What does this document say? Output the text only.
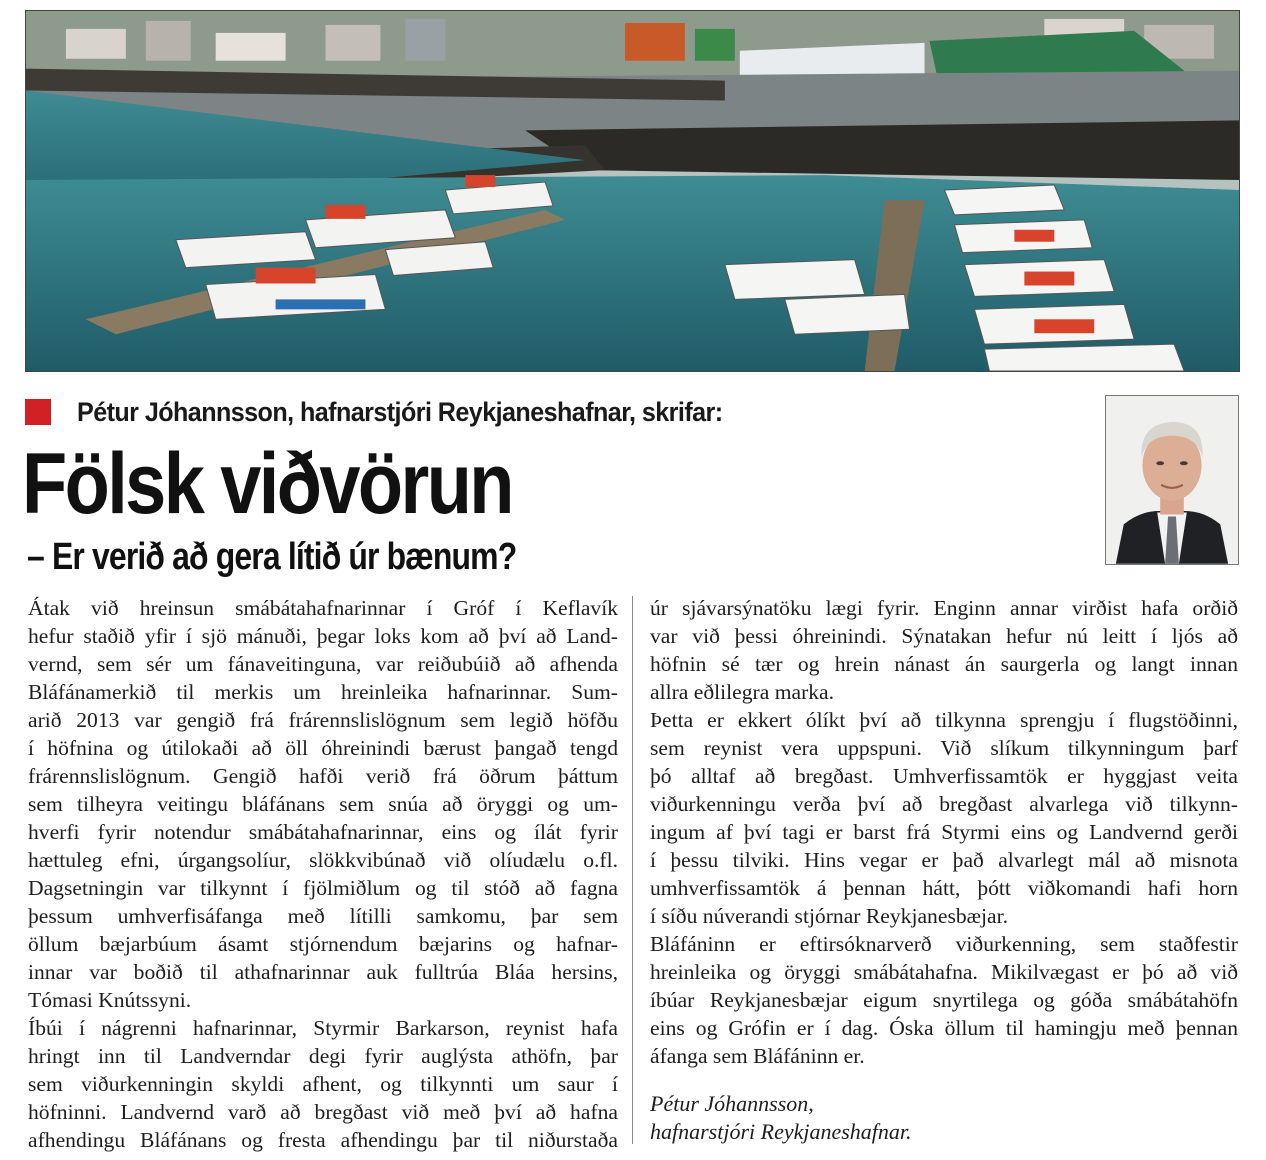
Pétur Jóhannsson, hafnarstjóri Reykjaneshafnar, skrifar:
Fölsk viðvörun
– Er verið að gera lítið úr bænum?

Átak við hreinsun smábátahafnarinnar í Gróf í Keflavík

hefur staðið yfir í sjö mánuði, þegar loks kom að því að Land-

vernd, sem sér um fánaveitinguna, var reiðubúið að afhenda

Bláfánamerkið til merkis um hreinleika hafnarinnar. Sum-

arið 2013 var gengið frá frárennslislögnum sem legið höfðu

í höfnina og útilokaði að öll óhreinindi bærust þangað tengd

frárennslislögnum. Gengið hafði verið frá öðrum þáttum

sem tilheyra veitingu bláfánans sem snúa að öryggi og um-

hverfi fyrir notendur smábátahafnarinnar, eins og ílát fyrir

hættuleg efni, úrgangsolíur, slökkvibúnað við olíudælu o.fl.

Dagsetningin var tilkynnt í fjölmiðlum og til stóð að fagna

þessum umhverfisáfanga með lítilli samkomu, þar sem

öllum bæjarbúum ásamt stjórnendum bæjarins og hafnar-

innar var boðið til athafnarinnar auk fulltrúa Bláa hersins,

Tómasi Knútssyni.

Íbúi í nágrenni hafnarinnar, Styrmir Barkarson, reynist hafa

hringt inn til Landverndar degi fyrir auglýsta athöfn, þar

sem viðurkenningin skyldi afhent, og tilkynnti um saur í

höfninni. Landvernd varð að bregðast við með því að hafna

afhendingu Bláfánans og fresta afhendingu þar til niðurstaða

úr sjávarsýnatöku lægi fyrir. Enginn annar virðist hafa orðið

var við þessi óhreinindi. Sýnatakan hefur nú leitt í ljós að

höfnin sé tær og hrein nánast án saurgerla og langt innan

allra eðlilegra marka.

Þetta er ekkert ólíkt því að tilkynna sprengju í flugstöðinni,

sem reynist vera uppspuni. Við slíkum tilkynningum þarf

þó alltaf að bregðast. Umhverfissamtök er hyggjast veita

viðurkenningu verða því að bregðast alvarlega við tilkynn-

ingum af því tagi er barst frá Styrmi eins og Landvernd gerði

í þessu tilviki. Hins vegar er það alvarlegt mál að misnota

umhverfissamtök á þennan hátt, þótt viðkomandi hafi horn

í síðu núverandi stjórnar Reykjanesbæjar.

Bláfáninn er eftirsóknarverð viðurkenning, sem staðfestir

hreinleika og öryggi smábátahafna. Mikilvægast er þó að við

íbúar Reykjanesbæjar eigum snyrtilega og góða smábátahöfn

eins og Grófin er í dag. Óska öllum til hamingju með þennan

áfanga sem Bláfáninn er.

Pétur Jóhannsson,
hafnarstjóri Reykjaneshafnar.
